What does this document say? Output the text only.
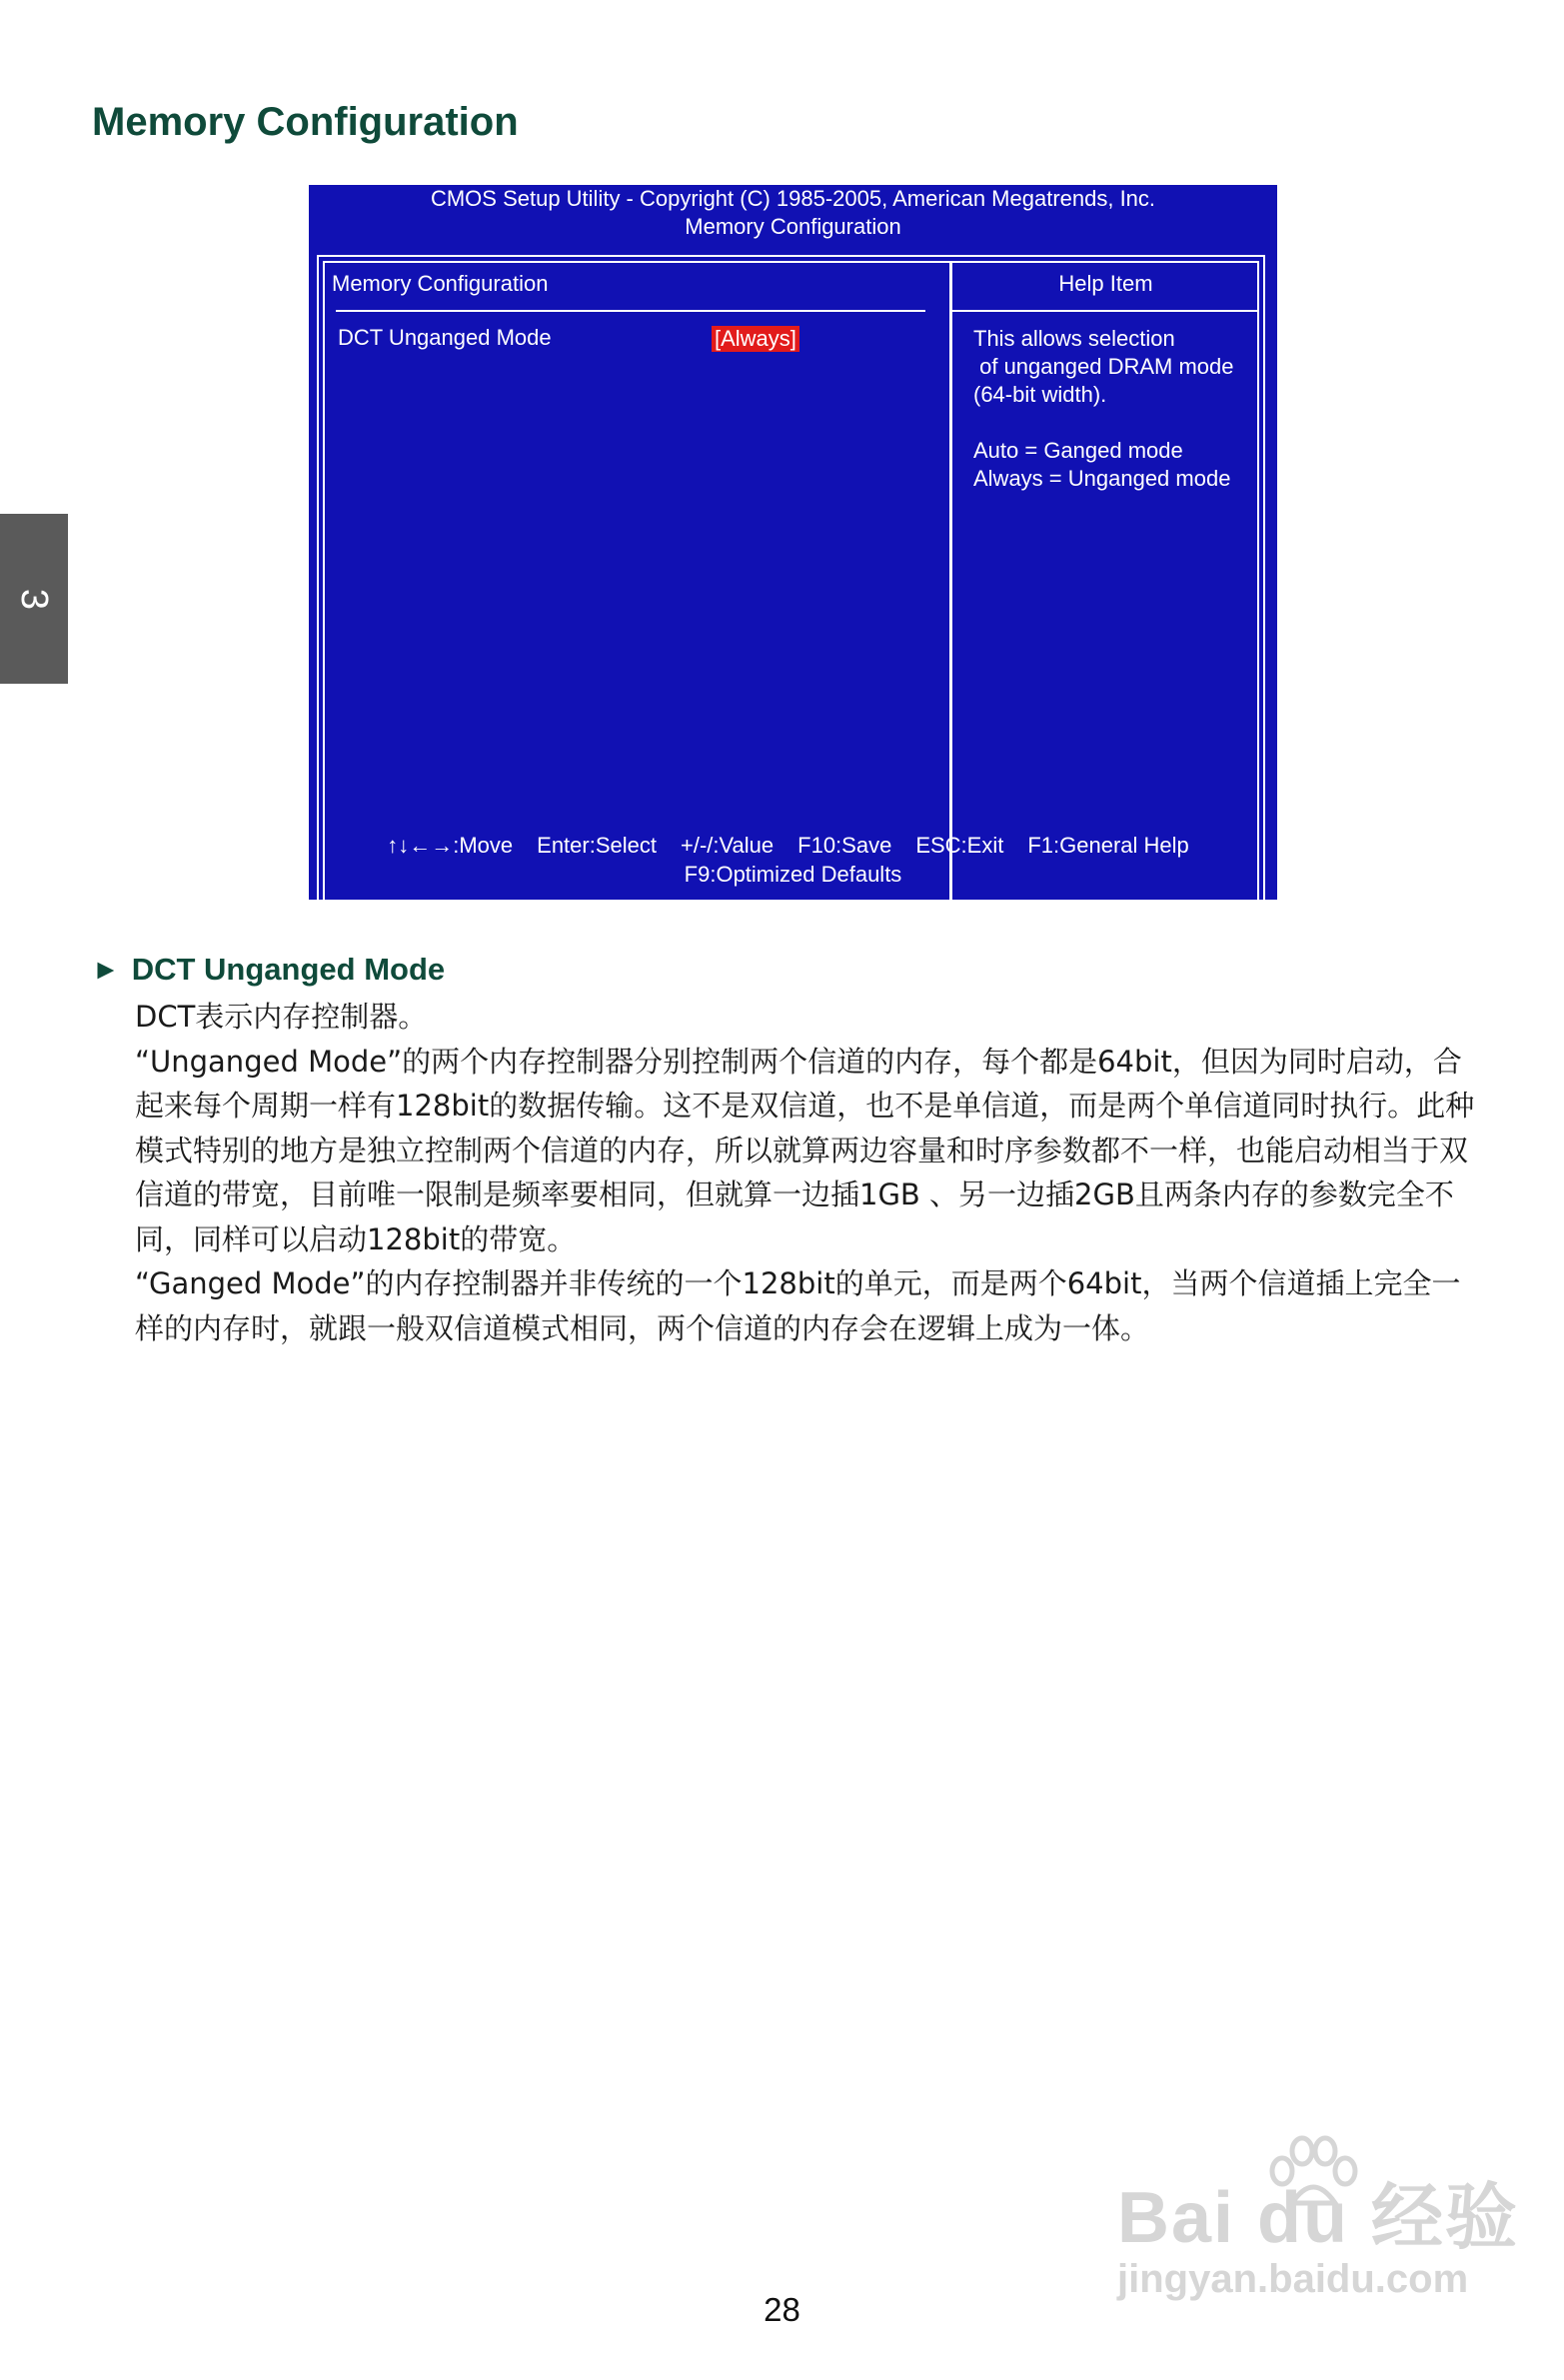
Memory Configuration
3
CMOS Setup Utility - Copyright (C) 1985-2005, American Megatrends, Inc.
Memory Configuration
Memory Configuration	Help Item
DCT Unganged Mode	[Always]	This allows selection
of unganged DRAM mode
(64-bit width).
Auto = Ganged mode
Always = Unganged mode
↑↓←→:Move Enter:Select +/-/:Value F10:Save ESC:Exit F1:General Help
F9:Optimized Defaults
► DCT Unganged Mode

DCT表示内存控制器。

“Unganged Mode”的两个内存控制器分别控制两个信道的内存，每个都是64bit，但因为同时启动，合起来每个周期一样有128bit的数据传输。这不是双信道，也不是单信道，而是两个单信道同时执行。此种模式特别的地方是独立控制两个信道的内存，所以就算两边容量和时序参数都不一样，也能启动相当于双信道的带宽，目前唯一限制是频率要相同，但就算一边插1GB 、另一边插2GB且两条内存的参数完全不同，同样可以启动128bit的带宽。

“Ganged Mode”的内存控制器并非传统的一个128bit的单元，而是两个64bit，当两个信道插上完全一样的内存时，就跟一般双信道模式相同，两个信道的内存会在逻辑上成为一体。

28
Bai du 经验
jingyan.baidu.com
